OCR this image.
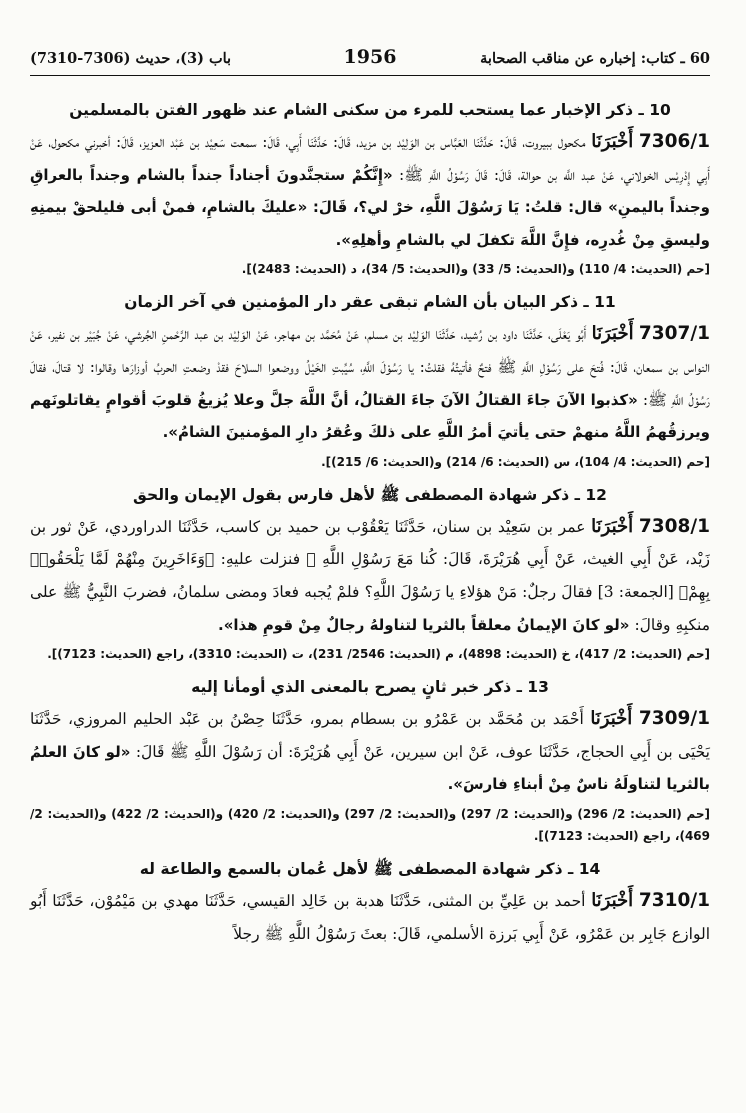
60 ـ كتاب: إخباره عن مناقب الصحابة
1956
باب (3)، حديث (7306-7310)
10 ـ ذكر الإخبار عما يستحب للمرء من سكنى الشام عند ظهور الفتن بالمسلمين
7306/1 أَخْبَرَنَا مكحول ببيروت، قَالَ: حَدَّثَنَا العَبَّاس بن الوَلِيْد بن مزيد، قَالَ: حَدَّثَنَا أَبِي، قَالَ: سمعت سَعِيْد بن عَبْد العزيز، قَالَ: أخبرني مكحول، عَنْ أَبِي إِدْرِيْس الخولاني، عَنْ عبد اللَّه بن حوالة، قَالَ: قَالَ رَسُوْلُ اللَّهِ ﷺ: «إِنَّكُمْ ستجنَّدونَ أجناداً جنداً بالشام وجنداً بالعراقِ وجنداً باليمنِ» قال: قلتُ: يَا رَسُوْلَ اللَّهِ، خرْ لي؟، قَالَ: «عليكَ بالشامِ، فمنْ أبى فليلحقْ بيمنِهِ وليسقِ مِنْ غُدرِه، فإِنَّ اللَّهَ تكفلَ لي بالشامِ وأهلِهِ».
[حم (الحديث: 4/ 110) و(الحديث: 5/ 33) و(الحديث: 5/ 34)، د (الحديث: 2483)].
11 ـ ذكر البيان بأن الشام تبقى عقر دار المؤمنين في آخر الزمان
7307/1 أَخْبَرَنَا أَبُو يَعْلَى، حَدَّثَنَا داود بن رُشيد، حَدَّثَنَا الوَلِيْد بن مسلم، عَنْ مُحَمَّد بن مهاجر، عَنْ الوَلِيْد بن عبد الرَّحْمنِ الجُرشي، عَنْ جُبَيْر بن نفير، عَنْ النواس بن سمعان، قَالَ: فُتحَ على رَسُوْلِ اللَّهِ ﷺ فتحٌ فأتيتُهُ فقلتُ: يا رَسُوْلَ اللَّهِ، سُيِّبتِ الخَيْلُ ووضعوا السلاحَ فقدْ وضعتِ الحربُ أوزارَها وقالوا: لا قتالَ، فقالَ رَسُوْلُ اللَّهِ ﷺ: «كذبوا الآنَ جاءَ القتالُ الآنَ جاءَ القتالُ، أنَّ اللَّهَ جلَّ وعلا يُزيغُ قلوبَ أقوامٍ يقاتلونَهم ويرزقُهمُ اللَّهُ منهمْ حتى يأتيَ أمرُ اللَّهِ على ذلكَ وعُقرُ دارِ المؤمنينَ الشامُ».
[حم (الحديث: 4/ 104)، س (الحديث: 6/ 214) و(الحديث: 6/ 215)].
12 ـ ذكر شهادة المصطفى ﷺ لأهل فارس بقول الإيمان والحق
7308/1 أَخْبَرَنَا عمر بن سَعِيْد بن سنان، حَدَّثَنَا يَعْقُوْب بن حميد بن كاسب، حَدَّثَنَا الدراوردي، عَنْ ثور بن زَيْد، عَنْ أَبِي الغيث، عَنْ أَبِي هُرَيْرَةَ، قَالَ: كُنا مَعَ رَسُوْلِ اللَّهِ ﷺ فنزلت عليهِ: ﴿وَءَاخَرِينَ مِنْهُمْ لَمَّا يَلْحَقُوا۟ بِهِمْ﴾ [الجمعة: 3] فقالَ رجلٌ: مَنْ هؤلاءِ يا رَسُوْلَ اللَّهِ؟ فلمْ يُجبه فعادَ ومضى سلمانُ، فضربَ النَّبِيُّ ﷺ على منكبِهِ وقالَ: «لو كانَ الإيمانُ معلقاً بالثريا لتناولهُ رجالٌ مِنْ قومِ هذا».
[حم (الحديث: 2/ 417)، خ (الحديث: 4898)، م (الحديث: 2546/ 231)، ت (الحديث: 3310)، راجع (الحديث: 7123)].
13 ـ ذكر خبر ثانٍ يصرح بالمعنى الذي أومأنا إليه
7309/1 أَخْبَرَنَا أَحْمَد بن مُحَمَّد بن عَمْرُو بن بسطام بمرو، حَدَّثَنَا حِصْنُ بن عَبْد الحليم المروزي، حَدَّثَنَا يَحْيَى بن أَبِي الحجاج، حَدَّثَنَا عوف، عَنْ ابن سيرين، عَنْ أَبِي هُرَيْرَةَ: أن رَسُوْلَ اللَّهِ ﷺ قَالَ: «لو كانَ العلمُ بالثريا لتناولَهُ ناسٌ مِنْ أبناءِ فارسَ».
[حم (الحديث: 2/ 296) و(الحديث: 2/ 297) و(الحديث: 2/ 297) و(الحديث: 2/ 420) و(الحديث: 2/ 422) و(الحديث: 2/ 469)، راجع (الحديث: 7123)].
14 ـ ذكر شهادة المصطفى ﷺ لأهل عُمان بالسمع والطاعة له
7310/1 أَخْبَرَنَا أحمد بن عَلِيِّ بن المثنى، حَدَّثَنَا هدبة بن خَالِد القيسي، حَدَّثَنَا مهدي بن مَيْمُوْن، حَدَّثَنَا أَبُو الوازع جَابِر بن عَمْرُو، عَنْ أَبِي بَرزة الأسلمي، قَالَ: بعثَ رَسُوْلُ اللَّهِ ﷺ رجلاً
